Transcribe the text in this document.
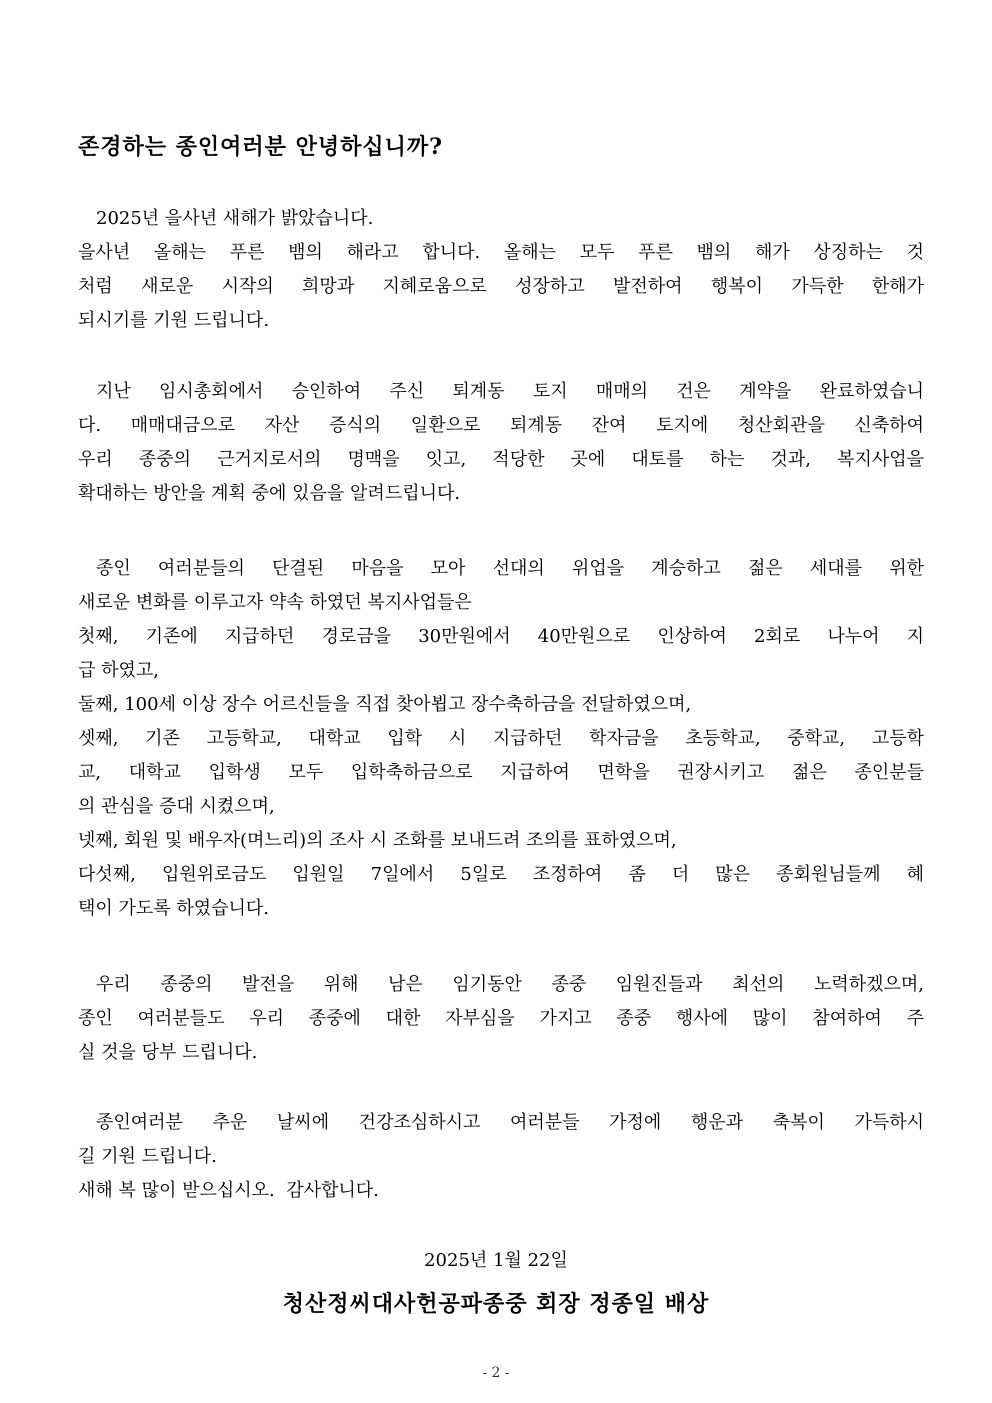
존경하는 종인여러분 안녕하십니까?
2025년 을사년 새해가 밝았습니다.
을사년 올해는 푸른 뱀의 해라고 합니다. 올해는 모두 푸른 뱀의 해가 상징하는 것
처럼 새로운 시작의 희망과 지혜로움으로 성장하고 발전하여 행복이 가득한 한해가
되시기를 기원 드립니다.
지난 임시총회에서 승인하여 주신 퇴계동 토지 매매의 건은 계약을 완료하였습니
다. 매매대금으로 자산 증식의 일환으로 퇴계동 잔여 토지에 청산회관을 신축하여
우리 종중의 근거지로서의 명맥을 잇고, 적당한 곳에 대토를 하는 것과, 복지사업을
확대하는 방안을 계획 중에 있음을 알려드립니다.
종인 여러분들의 단결된 마음을 모아 선대의 위업을 계승하고 젊은 세대를 위한
새로운 변화를 이루고자 약속 하였던 복지사업들은
첫째, 기존에 지급하던 경로금을 30만원에서 40만원으로 인상하여 2회로 나누어 지
급 하였고,
둘째, 100세 이상 장수 어르신들을 직접 찾아뵙고 장수축하금을 전달하였으며,
셋째, 기존 고등학교, 대학교 입학 시 지급하던 학자금을 초등학교, 중학교, 고등학
교, 대학교 입학생 모두 입학축하금으로 지급하여 면학을 권장시키고 젊은 종인분들
의 관심을 증대 시켰으며,
넷째, 회원 및 배우자(며느리)의 조사 시 조화를 보내드려 조의를 표하였으며,
다섯째, 입원위로금도 입원일 7일에서 5일로 조정하여 좀 더 많은 종회원님들께 혜
택이 가도록 하였습니다.
우리 종중의 발전을 위해 남은 임기동안 종중 임원진들과 최선의 노력하겠으며,
종인 여러분들도 우리 종중에 대한 자부심을 가지고 종중 행사에 많이 참여하여 주
실 것을 당부 드립니다.
종인여러분 추운 날씨에 건강조심하시고 여러분들 가정에 행운과 축복이 가득하시
길 기원 드립니다.
새해 복 많이 받으십시오.  감사합니다.
2025년 1월 22일
청산정씨대사헌공파종중 회장 정종일 배상
- 2 -
